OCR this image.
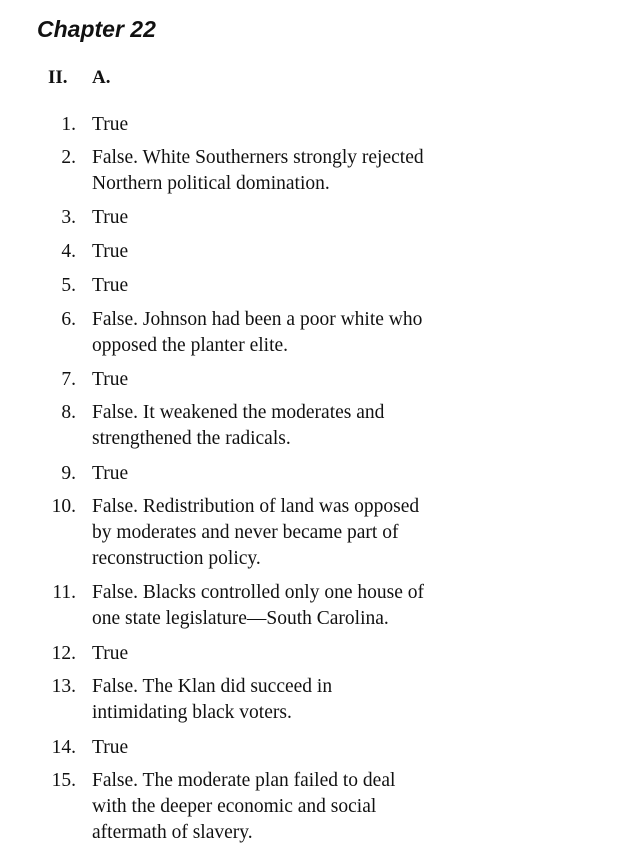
Chapter 22
II. A.
1. True
2. False. White Southerners strongly rejected
Northern political domination.
3. True
4. True
5. True
6. False. Johnson had been a poor white who
opposed the planter elite.
7. True
8. False. It weakened the moderates and
strengthened the radicals.
9. True
10. False. Redistribution of land was opposed
by moderates and never became part of
reconstruction policy.
11. False. Blacks controlled only one house of
one state legislature—South Carolina.
12. True
13. False. The Klan did succeed in
intimidating black voters.
14. True
15. False. The moderate plan failed to deal
with the deeper economic and social
aftermath of slavery.
